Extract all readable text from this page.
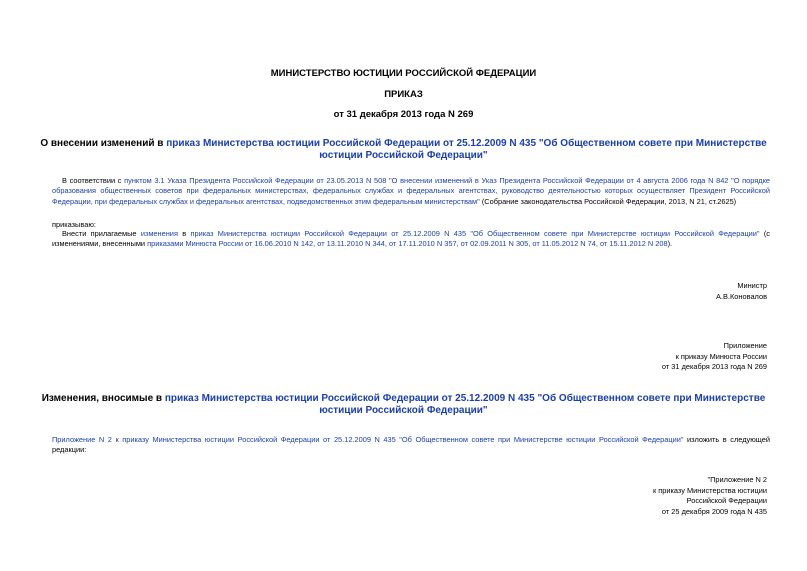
МИНИСТЕРСТВО ЮСТИЦИИ РОССИЙСКОЙ ФЕДЕРАЦИИ
ПРИКАЗ
от 31 декабря 2013 года N 269
О внесении изменений в приказ Министерства юстиции Российской Федерации от 25.12.2009 N 435 "Об Общественном совете при Министерстве юстиции Российской Федерации"
В соответствии с пунктом 3.1 Указа Президента Российской Федерации от 23.05.2013 N 508 "О внесении изменений в Указ Президента Российской Федерации от 4 августа 2006 года N 842 "О порядке образования общественных советов при федеральных министерствах, федеральных службах и федеральных агентствах, руководство деятельностью которых осуществляет Президент Российской Федерации, при федеральных службах и федеральных агентствах, подведомственных этим федеральным министерствам" (Собрание законодательства Российской Федерации, 2013, N 21, ст.2625)
приказываю:
Внести прилагаемые изменения в приказ Министерства юстиции Российской Федерации от 25.12.2009 N 435 "Об Общественном совете при Министерстве юстиции Российской Федерации" (с изменениями, внесенными приказами Минюста России от 16.06.2010 N 142, от 13.11.2010 N 344, от 17.11.2010 N 357, от 02.09.2011 N 305, от 11.05.2012 N 74, от 15.11.2012 N 208).
Министр
А.В.Коновалов
Приложение
к приказу Минюста России
от 31 декабря 2013 года N 269
Изменения, вносимые в приказ Министерства юстиции Российской Федерации от 25.12.2009 N 435 "Об Общественном совете при Министерстве юстиции Российской Федерации"
Приложение N 2 к приказу Министерства юстиции Российской Федерации от 25.12.2009 N 435 "Об Общественном совете при Министерстве юстиции Российской Федерации" изложить в следующей редакции:
"Приложение N 2
к приказу Министерства юстиции
Российской Федерации
от 25 декабря 2009 года N 435
